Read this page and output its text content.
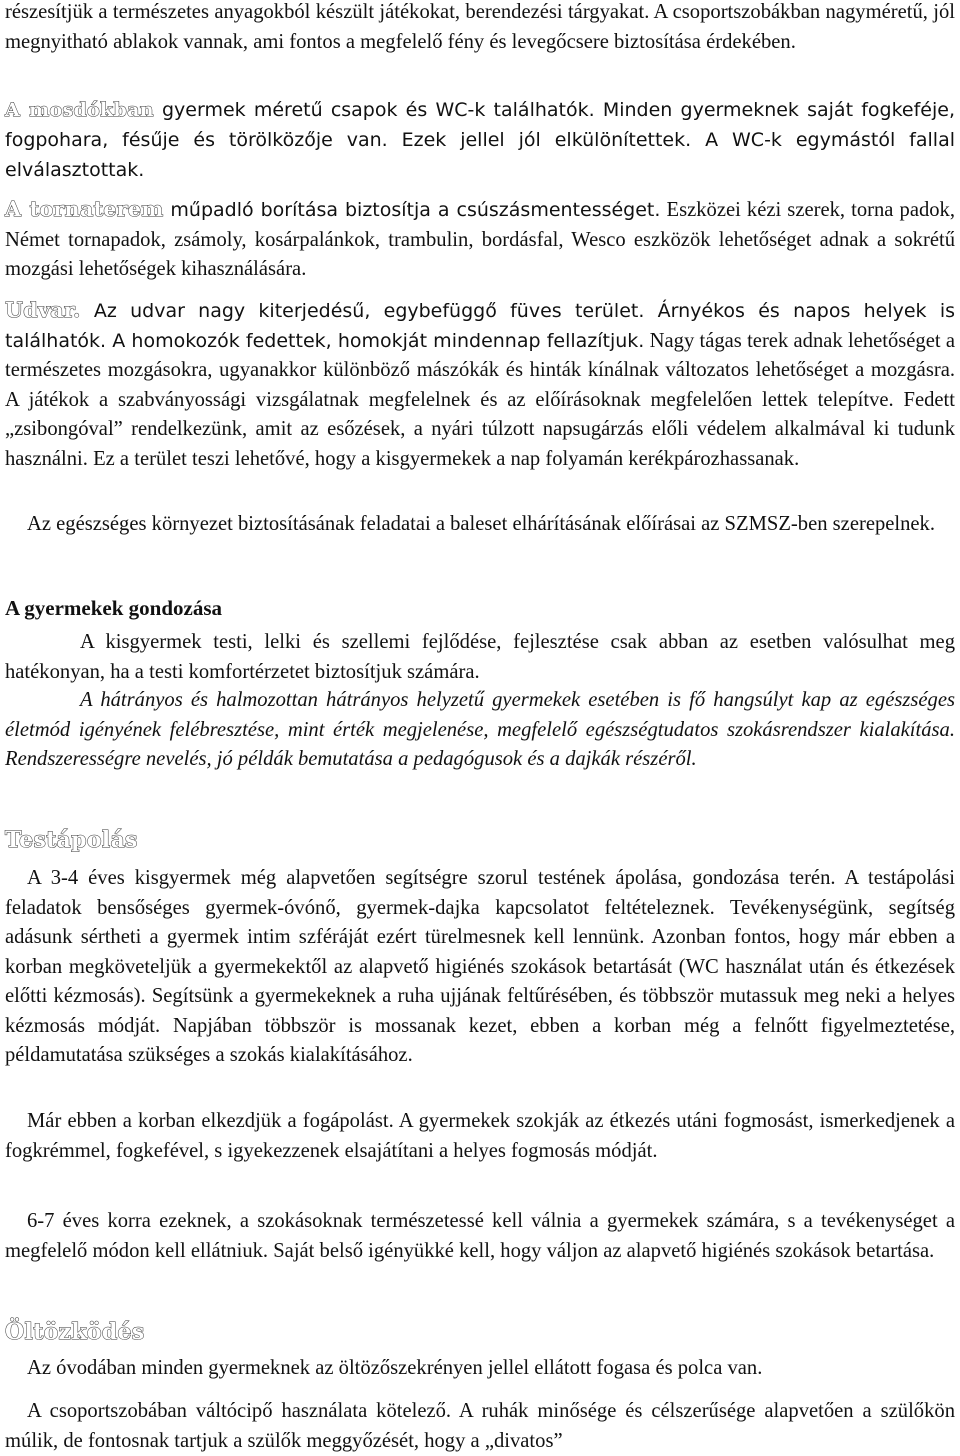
részesítjük a természetes anyagokból készült játékokat, berendezési tárgyakat. A csoportszobákban nagyméretű, jól megnyitható ablakok vannak, ami fontos a megfelelő fény és levegőcsere biztosítása érdekében.

A mosdókban gyermek méretű csapok és WC-k találhatók. Minden gyermeknek saját fogkeféje, fogpohara, fésűje és törölközője van. Ezek jellel jól elkülönítettek. A WC-k egymástól fallal elválasztottak.

A tornaterem műpadló borítása biztosítja a csúszásmentességet. Eszközei kézi szerek, torna padok, Német tornapadok, zsámoly, kosárpalánkok, trambulin, bordásfal, Wesco eszközök lehetőséget adnak a sokrétű mozgási lehetőségek kihasználására.

Udvar. Az udvar nagy kiterjedésű, egybefüggő füves terület. Árnyékos és napos helyek is találhatók. A homokozók fedettek, homokját mindennap fellazítjuk. Nagy tágas terek adnak lehetőséget a természetes mozgásokra, ugyanakkor különböző mászókák és hinták kínálnak változatos lehetőséget a mozgásra. A játékok a szabványossági vizsgálatnak megfelelnek és az előírásoknak megfelelően lettek telepítve. Fedett „zsibongóval” rendelkezünk, amit az esőzések, a nyári túlzott napsugárzás előli védelem alkalmával ki tudunk használni. Ez a terület teszi lehetővé, hogy a kisgyermekek a nap folyamán kerékpározhassanak.

Az egészséges környezet biztosításának feladatai a baleset elhárításának előírásai az SZMSZ-ben szerepelnek.

A gyermekek gondozása

A kisgyermek testi, lelki és szellemi fejlődése, fejlesztése csak abban az esetben valósulhat meg hatékonyan, ha a testi komfortérzetet biztosítjuk számára.

A hátrányos és halmozottan hátrányos helyzetű gyermekek esetében is fő hangsúlyt kap az egészséges életmód igényének felébresztése, mint érték megjelenése, megfelelő egészségtudatos szokásrendszer kialakítása. Rendszerességre nevelés, jó példák bemutatása a pedagógusok és a dajkák részéről.

Testápolás

A 3-4 éves kisgyermek még alapvetően segítségre szorul testének ápolása, gondozása terén. A testápolási feladatok bensőséges gyermek-óvónő, gyermek-dajka kapcsolatot feltételeznek. Tevékenységünk, segítség adásunk sértheti a gyermek intim szféráját ezért türelmesnek kell lennünk. Azonban fontos, hogy már ebben a korban megköveteljük a gyermekektől az alapvető higiénés szokások betartását (WC használat után és étkezések előtti kézmosás). Segítsünk a gyermekeknek a ruha ujjának feltűrésében, és többször mutassuk meg neki a helyes kézmosás módját. Napjában többször is mossanak kezet, ebben a korban még a felnőtt figyelmeztetése, példamutatása szükséges a szokás kialakításához.

Már ebben a korban elkezdjük a fogápolást. A gyermekek szokják az étkezés utáni fogmosást, ismerkedjenek a fogkrémmel, fogkefével, s igyekezzenek elsajátítani a helyes fogmosás módját.

6-7 éves korra ezeknek, a szokásoknak természetessé kell válnia a gyermekek számára, s a tevékenységet a megfelelő módon kell ellátniuk. Saját belső igényükké kell, hogy váljon az alapvető higiénés szokások betartása.

Öltözködés

Az óvodában minden gyermeknek az öltözőszekrényen jellel ellátott fogasa és polca van.

A csoportszobában váltócipő használata kötelező. A ruhák minősége és célszerűsége alapvetően a szülőkön múlik, de fontosnak tartjuk a szülők meggyőzését, hogy a „divatos”
